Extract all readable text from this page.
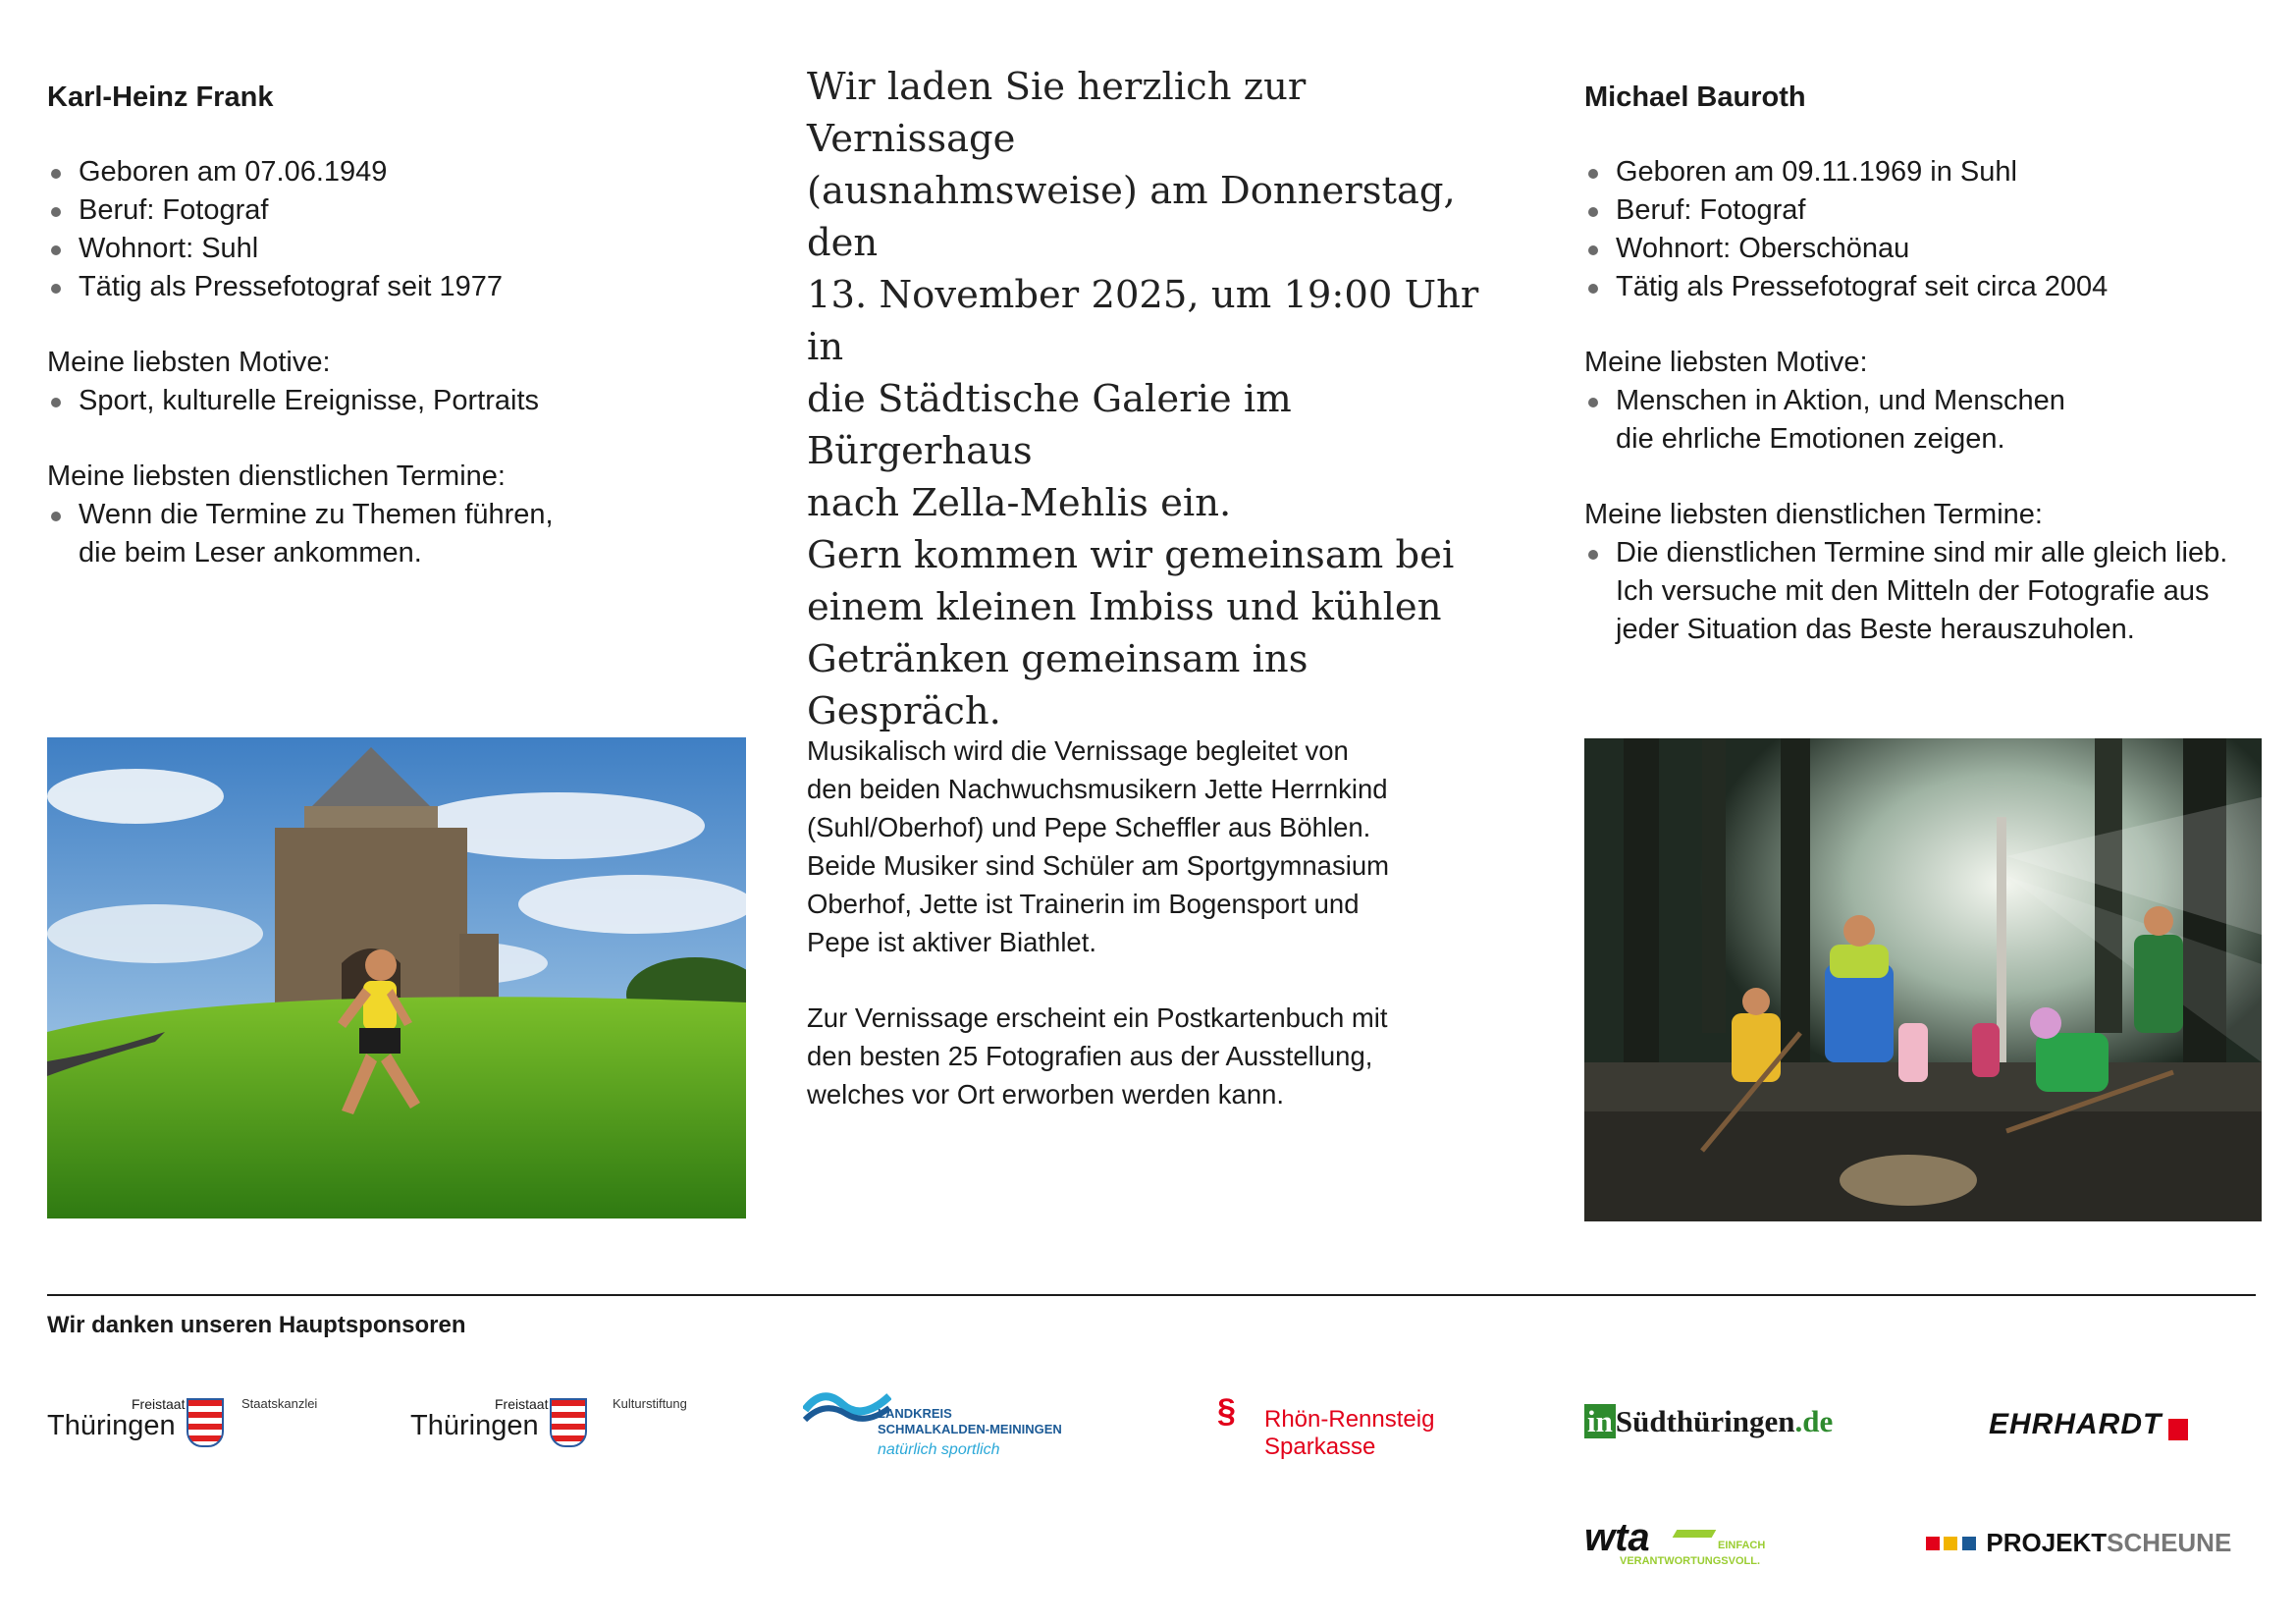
Karl-Heinz Frank

Geboren am 07.06.1949
Beruf: Fotograf
Wohnort: Suhl
Tätig als Pressefotograf seit 1977

Meine liebsten Motive:

Sport, kulturelle Ereignisse, Portraits

Meine liebsten dienstlichen Termine:

Wenn die Termine zu Themen führen,
die beim Leser ankommen.

Wir laden Sie herzlich zur Vernissage
(ausnahmsweise) am Donnerstag, den
13. November 2025, um 19:00 Uhr in
die Städtische Galerie im Bürgerhaus
nach Zella-Mehlis ein.
Gern kommen wir gemeinsam bei
einem kleinen Imbiss und kühlen
Getränken gemeinsam ins
Gespräch.

Musikalisch wird die Vernissage begleitet von
den beiden Nachwuchsmusikern Jette Herrnkind
(Suhl/Oberhof) und Pepe Scheffler aus Böhlen.
Beide Musiker sind Schüler am Sportgymnasium
Oberhof, Jette ist Trainerin im Bogensport und
Pepe ist aktiver Biathlet.

Zur Vernissage erscheint ein Postkartenbuch mit
den besten 25 Fotografien aus der Ausstellung,
welches vor Ort erworben werden kann.

Michael Bauroth

Geboren am 09.11.1969 in Suhl
Beruf: Fotograf
Wohnort: Oberschönau
Tätig als Pressefotograf seit circa 2004

Meine liebsten Motive:

Menschen in Aktion, und Menschen
die ehrliche Emotionen zeigen.

Meine liebsten dienstlichen Termine:

Die dienstlichen Termine sind mir alle gleich lieb.
Ich versuche mit den Mitteln der Fotografie aus
jeder Situation das Beste herauszuholen.
Wir danken unseren Hauptsponsoren
Freistaat
Thüringen
Staatskanzlei	Freistaat
Thüringen
Kulturstiftung
LANDKREIS
SCHMALKALDEN-MEININGEN
natürlich sportlich
§ Rhön-Rennsteig
Sparkasse
inSüdthüringen.de	EHRHARDT
wta	EINFACH
VERANTWORTUNGSVOLL.
PROJEKTSCHEUNE
